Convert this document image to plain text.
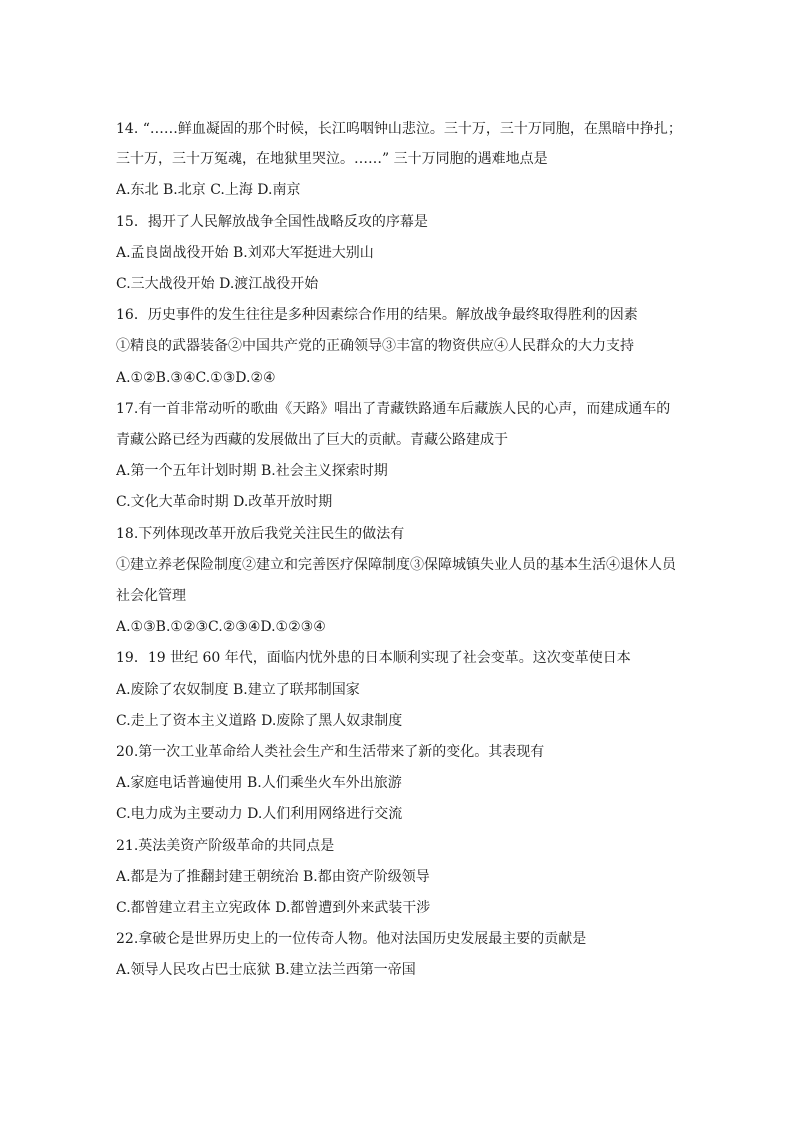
14. “……鲜血凝固的那个时候，长江呜咽钟山悲泣。三十万，三十万同胞，在黑暗中挣扎；
三十万，三十万冤魂，在地狱里哭泣。……” 三十万同胞的遇难地点是
A.东北 B.北京 C.上海 D.南京
15．揭开了人民解放战争全国性战略反攻的序幕是
A.孟良崮战役开始 B.刘邓大军挺进大别山
C.三大战役开始 D.渡江战役开始
16．历史事件的发生往往是多种因素综合作用的结果。解放战争最终取得胜利的因素
①精良的武器装备②中国共产党的正确领导③丰富的物资供应④人民群众的大力支持
A.①②B.③④C.①③D.②④
17.有一首非常动听的歌曲《天路》唱出了青藏铁路通车后藏族人民的心声，而建成通车的
青藏公路已经为西藏的发展做出了巨大的贡献。青藏公路建成于
A.第一个五年计划时期 B.社会主义探索时期
C.文化大革命时期 D.改革开放时期
18.下列体现改革开放后我党关注民生的做法有
①建立养老保险制度②建立和完善医疗保障制度③保障城镇失业人员的基本生活④退休人员
社会化管理
A.①③B.①②③C.②③④D.①②③④
19．19 世纪 60 年代，面临内忧外患的日本顺利实现了社会变革。这次变革使日本
A.废除了农奴制度 B.建立了联邦制国家
C.走上了资本主义道路 D.废除了黑人奴隶制度
20.第一次工业革命给人类社会生产和生活带来了新的变化。其表现有
A.家庭电话普遍使用 B.人们乘坐火车外出旅游
C.电力成为主要动力 D.人们利用网络进行交流
21.英法美资产阶级革命的共同点是
A.都是为了推翻封建王朝统治 B.都由资产阶级领导
C.都曾建立君主立宪政体 D.都曾遭到外来武装干涉
22.拿破仑是世界历史上的一位传奇人物。他对法国历史发展最主要的贡献是
A.领导人民攻占巴士底狱 B.建立法兰西第一帝国
